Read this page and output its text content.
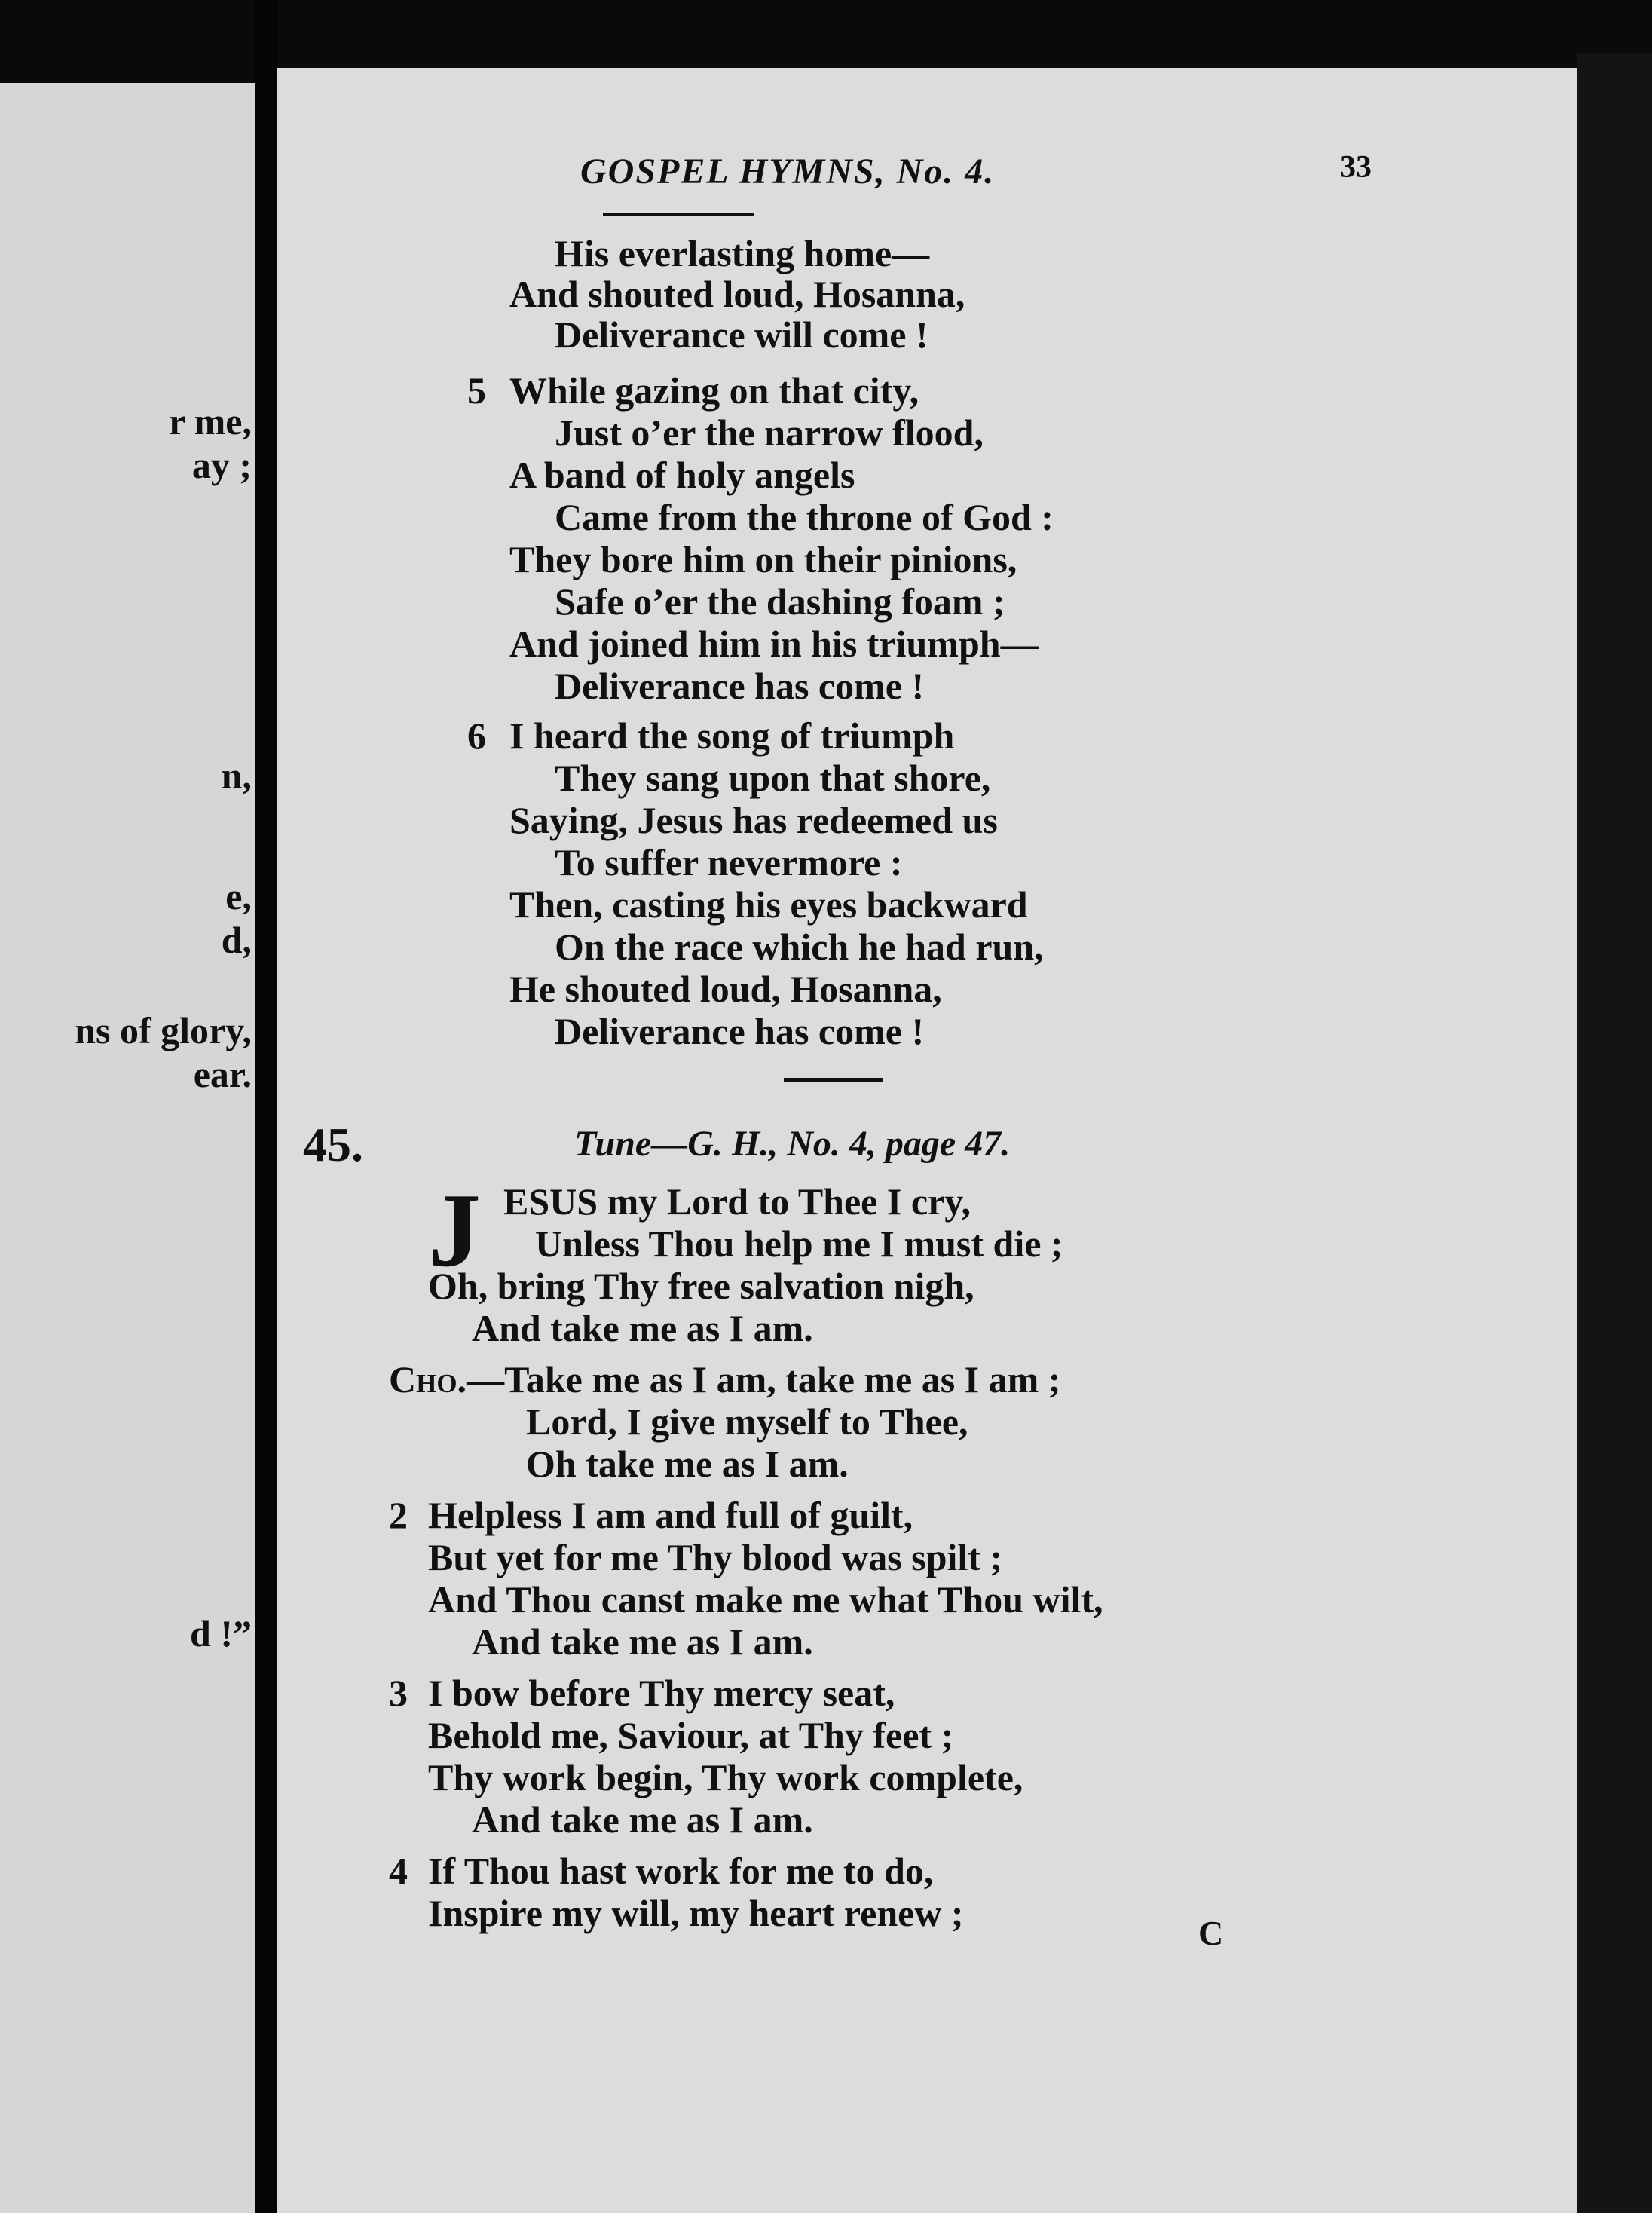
r me,
ay ;
n,
e,
d,
ns of glory,
ear.
d !”
GOSPEL HYMNS, No. 4.	33
His everlasting home—
And shouted loud, Hosanna,
Deliverance will come !
5 While gazing on that city,
Just o’er the narrow flood,
A band of holy angels
Came from the throne of God :
They bore him on their pinions,
Safe o’er the dashing foam ;
And joined him in his triumph—
Deliverance has come !
6 I heard the song of triumph
They sang upon that shore,
Saying, Jesus has redeemed us
To suffer nevermore :
Then, casting his eyes backward
On the race which he had run,
He shouted loud, Hosanna,
Deliverance has come !
45.	Tune—G. H., No. 4, page 47.
J ESUS my Lord to Thee I cry,
Unless Thou help me I must die ;
Oh, bring Thy free salvation nigh,
And take me as I am.
Cho.—Take me as I am, take me as I am ;
Lord, I give myself to Thee,
Oh take me as I am.
2 Helpless I am and full of guilt,
But yet for me Thy blood was spilt ;
And Thou canst make me what Thou wilt,
And take me as I am.
3 I bow before Thy mercy seat,
Behold me, Saviour, at Thy feet ;
Thy work begin, Thy work complete,
And take me as I am.
4 If Thou hast work for me to do,
Inspire my will, my heart renew ;	C
